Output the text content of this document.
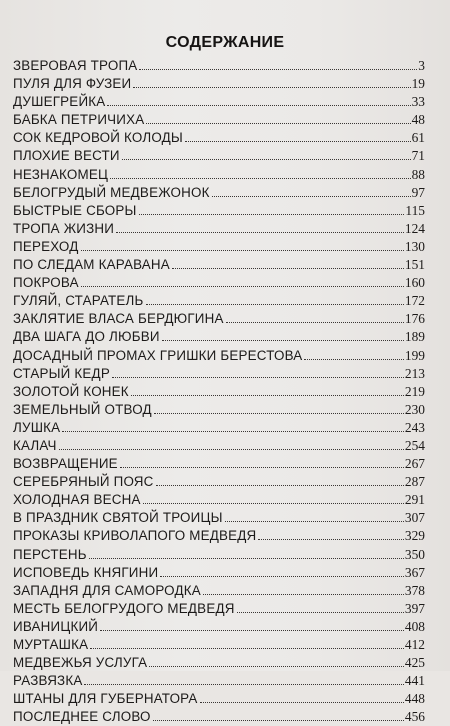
СОДЕРЖАНИЕ
ЗВЕРОВАЯ ТРОПА	3
ПУЛЯ ДЛЯ ФУЗЕИ	19
ДУШЕГРЕЙКА	33
БАБКА ПЕТРИЧИХА	48
СОК КЕДРОВОЙ КОЛОДЫ	61
ПЛОХИЕ ВЕСТИ	71
НЕЗНАКОМЕЦ	88
БЕЛОГРУДЫЙ МЕДВЕЖОНОК	97
БЫСТРЫЕ СБОРЫ	115
ТРОПА ЖИЗНИ	124
ПЕРЕХОД	130
ПО СЛЕДАМ КАРАВАНА	151
ПОКРОВА	160
ГУЛЯЙ, СТАРАТЕЛЬ	172
ЗАКЛЯТИЕ ВЛАСА БЕРДЮГИНА	176
ДВА ШАГА ДО ЛЮБВИ	189
ДОСАДНЫЙ ПРОМАХ ГРИШКИ БЕРЕСТОВА	199
СТАРЫЙ КЕДР	213
ЗОЛОТОЙ КОНЕК	219
ЗЕМЕЛЬНЫЙ ОТВОД	230
ЛУШКА	243
КАЛАЧ	254
ВОЗВРАЩЕНИЕ	267
СЕРЕБРЯНЫЙ ПОЯС	287
ХОЛОДНАЯ ВЕСНА	291
В ПРАЗДНИК СВЯТОЙ ТРОИЦЫ	307
ПРОКАЗЫ КРИВОЛАПОГО МЕДВЕДЯ	329
ПЕРСТЕНЬ	350
ИСПОВЕДЬ КНЯГИНИ	367
ЗАПАДНЯ ДЛЯ САМОРОДКА	378
МЕСТЬ БЕЛОГРУДОГО МЕДВЕДЯ	397
ИВАНИЦКИЙ	408
МУРТАШКА	412
МЕДВЕЖЬЯ УСЛУГА	425
РАЗВЯЗКА	441
ШТАНЫ ДЛЯ ГУБЕРНАТОРА	448
ПОСЛЕДНЕЕ СЛОВО	456
